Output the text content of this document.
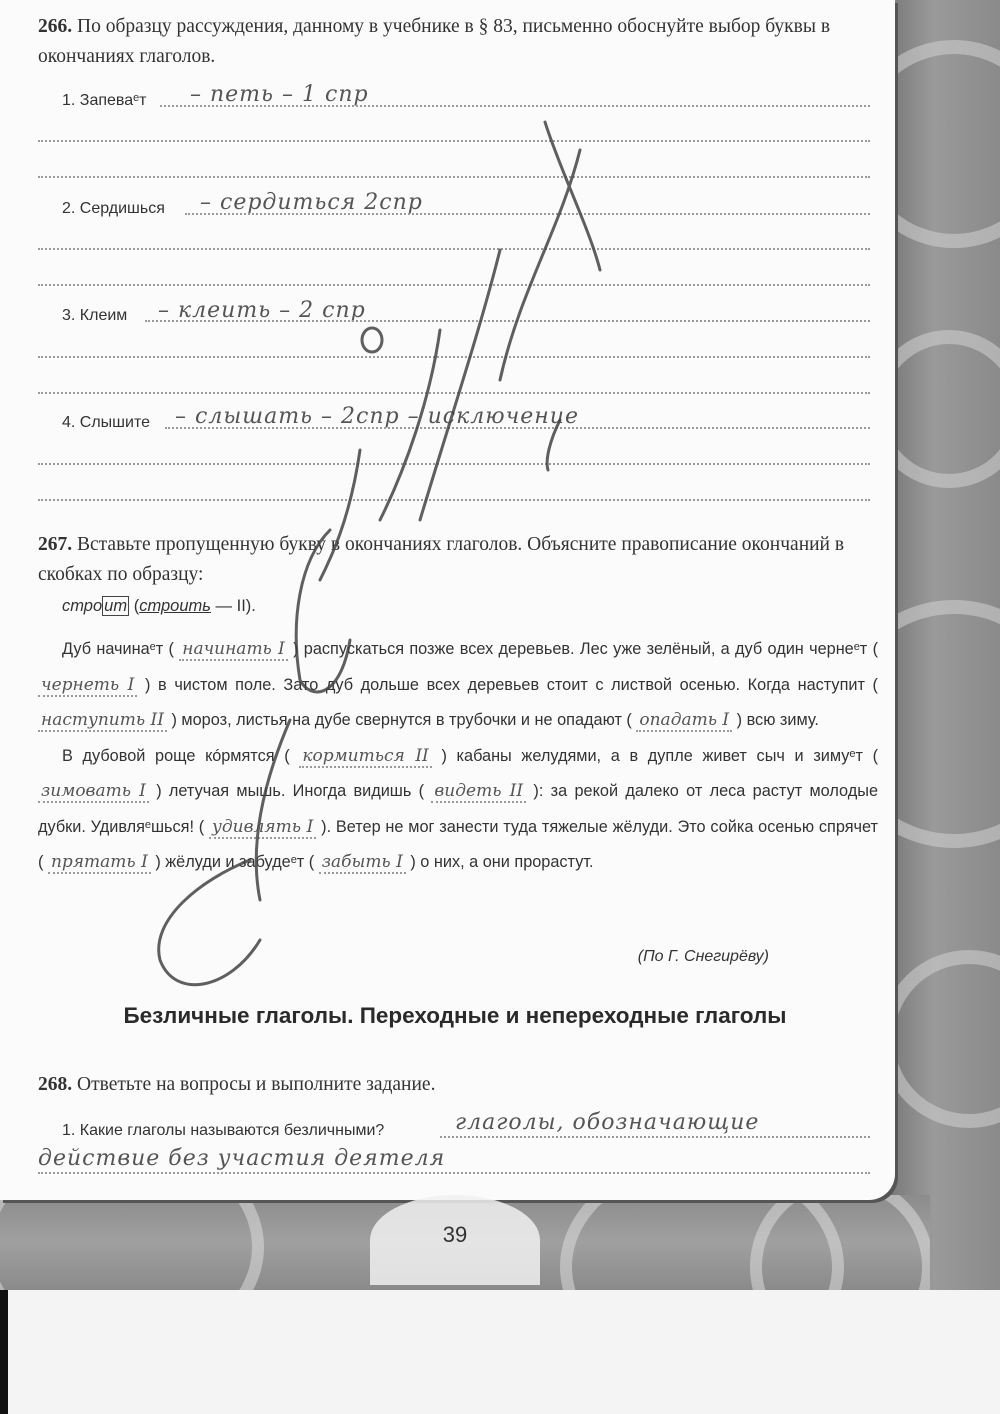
266. По образцу рассуждения, данному в учебнике в § 83, письменно обоснуйте выбор буквы в окончаниях глаголов.
1. Запеваᵉт – петь – 1 спр
2. Сердишься – сердиться 2спр
3. Клеим – клеить – 2 спр
4. Слышите – слышать – 2спр – исключение
267. Вставьте пропущенную букву в окончаниях глаголов. Объясните правописание окончаний в скобках по образцу:
стро ит (строить — II).
Дуб начинаᵉт ( начинать I ) распускаться позже всех деревьев. Лес уже зелёный, а дуб один чернеᵉт ( чернеть I ) в чистом поле. Зато дуб дольше всех деревьев стоит с листвой осенью. Когда наступит ( наступить II ) мороз, листья на дубе свернутся в трубочки и не опадают ( опадать I ) всю зиму.
В дубовой роще кóрмятся ( кормиться II ) кабаны желудями, а в дупле живет сыч и зимуᵉт ( зимовать I ) летучая мышь. Иногда видишь ( видеть II ): за рекой далеко от леса растут молодые дубки. Удивляᵉшься! ( удивлять I ). Ветер не мог занести туда тяжелые жёлуди. Это сойка осенью спрячет ( прятать I ) жёлуди и забудеᵉт ( забыть I ) о них, а они прорастут.
(По Г. Снегирёву)
Безличные глаголы. Переходные и непереходные глаголы
268. Ответьте на вопросы и выполните задание.
1. Какие глаголы называются безличными?	глаголы, обозначающие
действие без участия деятеля
39
